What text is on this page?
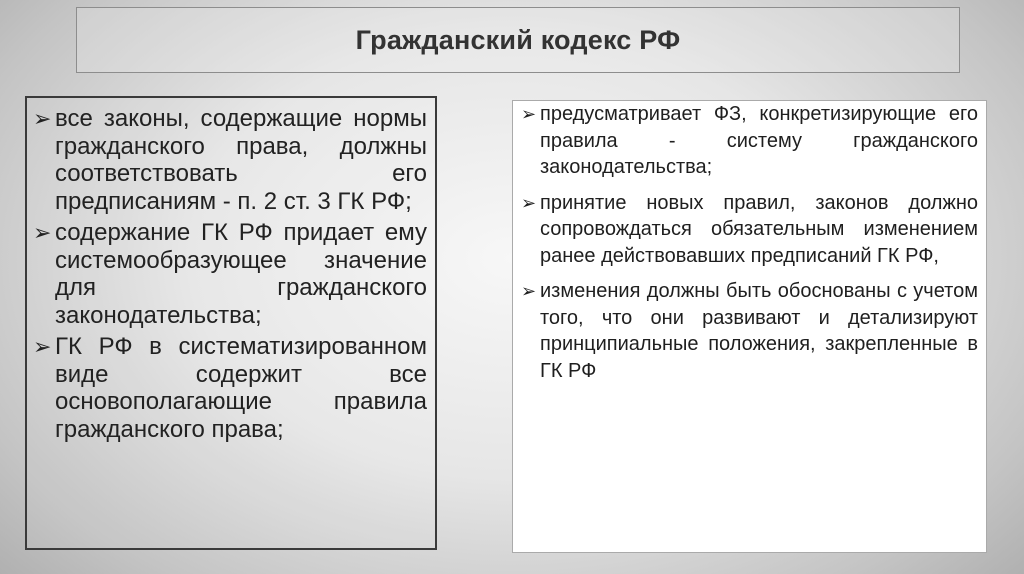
Гражданский кодекс РФ
➢ все законы, содержащие нормы гражданского права, должны соответствовать его предписаниям - п. 2 ст. 3 ГК РФ;
➢ содержание ГК РФ придает ему системообразующее значение для гражданского законодательства;
➢ ГК РФ в систематизированном виде содержит все основополагающие правила гражданского права;
➢ предусматривает ФЗ, конкретизирующие его правила - систему гражданского законодательства;
➢ принятие новых правил, законов должно сопровождаться обязательным изменением ранее действовавших предписаний ГК РФ,
➢ изменения должны быть обоснованы с учетом того, что они развивают и детализируют принципиальные положения, закрепленные в ГК РФ
